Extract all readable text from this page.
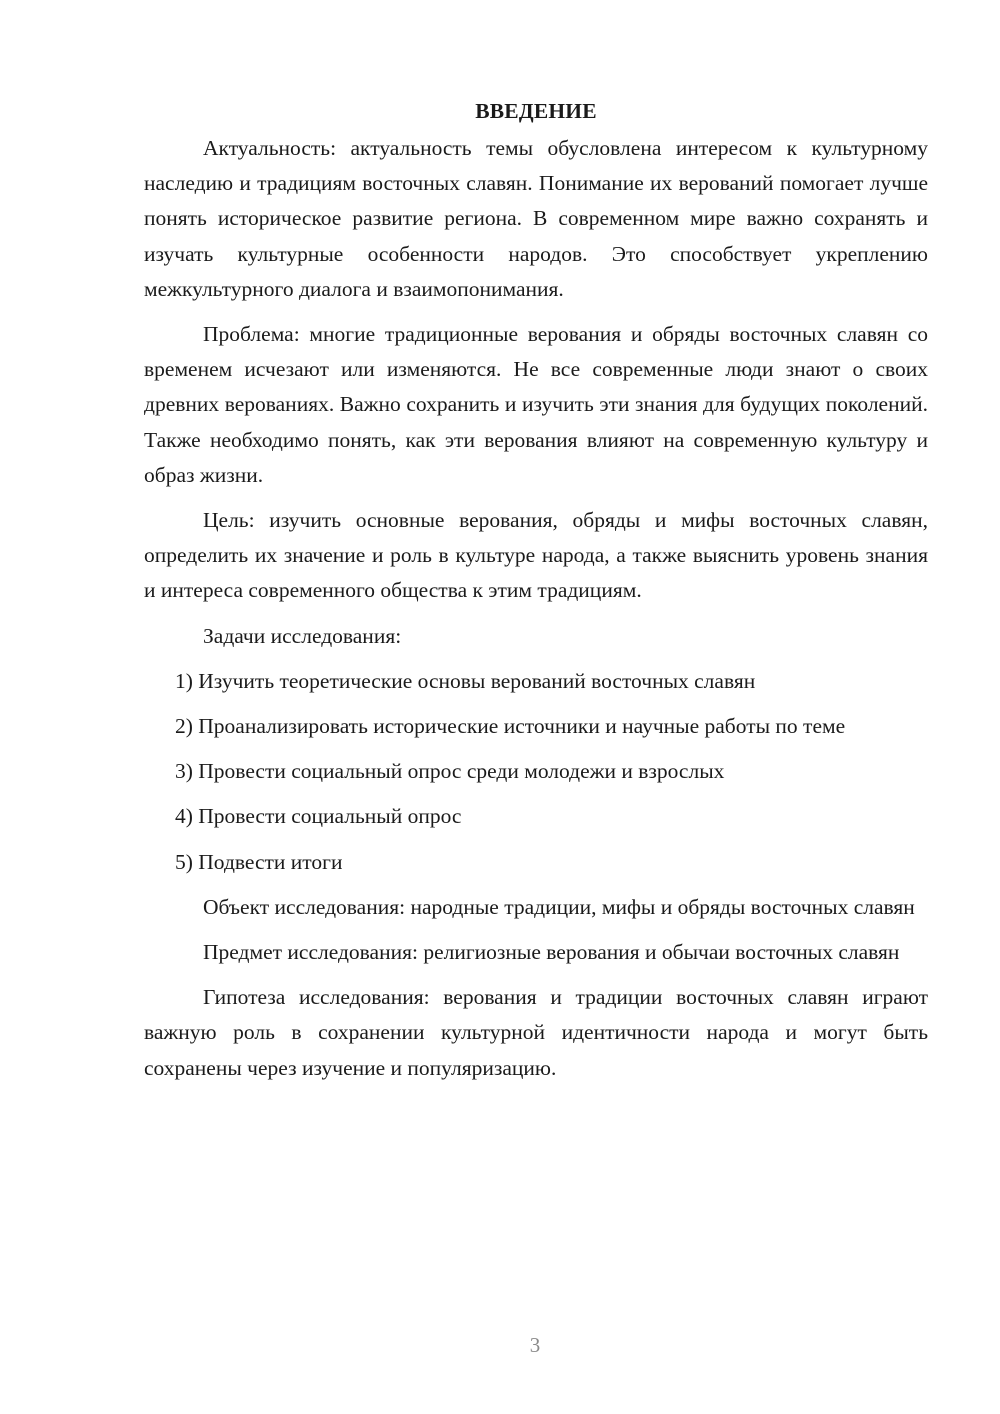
ВВЕДЕНИЕ

Актуальность: актуальность темы обусловлена интересом к культурному наследию и традициям восточных славян. Понимание их верований помогает лучше понять историческое развитие региона. В современном мире важно сохранять и изучать культурные особенности народов. Это способствует укреплению межкультурного диалога и взаимопонимания.

Проблема: многие традиционные верования и обряды восточных славян со временем исчезают или изменяются. Не все современные люди знают о своих древних верованиях. Важно сохранить и изучить эти знания для будущих поколений. Также необходимо понять, как эти верования влияют на современную культуру и образ жизни.

Цель: изучить основные верования, обряды и мифы восточных славян, определить их значение и роль в культуре народа, а также выяснить уровень знания и интереса современного общества к этим традициям.

Задачи исследования:

1) Изучить теоретические основы верований восточных славян

2) Проанализировать исторические источники и научные работы по теме

3) Провести социальный опрос среди молодежи и взрослых

4) Провести социальный опрос

5) Подвести итоги

Объект исследования: народные традиции, мифы и обряды восточных славян

Предмет исследования: религиозные верования и обычаи восточных славян

Гипотеза исследования: верования и традиции восточных славян играют важную роль в сохранении культурной идентичности народа и могут быть сохранены через изучение и популяризацию.

3
